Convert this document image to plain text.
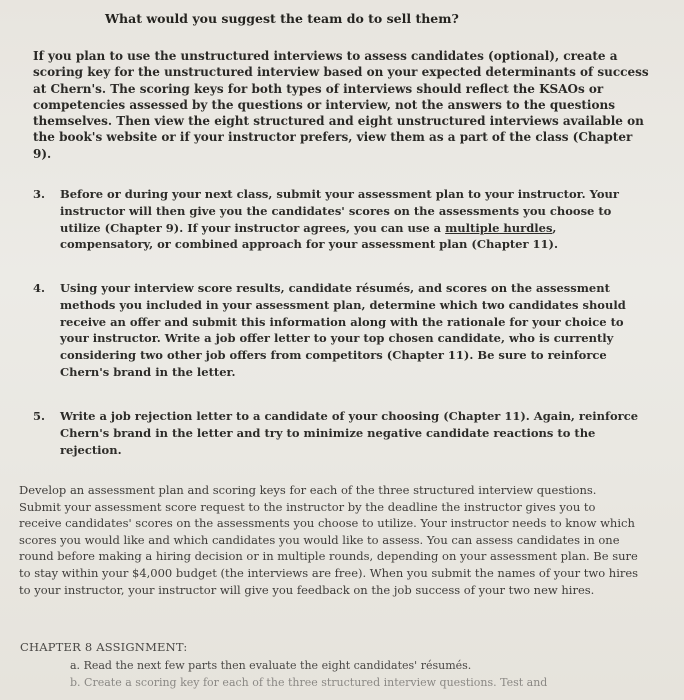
What would you suggest the team do to sell them?
If you plan to use the unstructured interviews to assess candidates (optional), create a scoring key for the unstructured interview based on your expected determinants of success at Chern's. The scoring keys for both types of interviews should reflect the KSAOs or competencies assessed by the questions or interview, not the answers to the questions themselves. Then view the eight structured and eight unstructured interviews available on the book's website or if your instructor prefers, view them as a part of the class (Chapter 9).
3. Before or during your next class, submit your assessment plan to your instructor. Your instructor will then give you the candidates' scores on the assessments you choose to utilize (Chapter 9). If your instructor agrees, you can use a multiple hurdles, compensatory, or combined approach for your assessment plan (Chapter 11).
4. Using your interview score results, candidate résumés, and scores on the assessment methods you included in your assessment plan, determine which two candidates should receive an offer and submit this information along with the rationale for your choice to your instructor. Write a job offer letter to your top chosen candidate, who is currently considering two other job offers from competitors (Chapter 11). Be sure to reinforce Chern's brand in the letter.
5. Write a job rejection letter to a candidate of your choosing (Chapter 11). Again, reinforce Chern's brand in the letter and try to minimize negative candidate reactions to the rejection.
Develop an assessment plan and scoring keys for each of the three structured interview questions. Submit your assessment score request to the instructor by the deadline the instructor gives you to receive candidates' scores on the assessments you choose to utilize. Your instructor needs to know which scores you would like and which candidates you would like to assess. You can assess candidates in one round before making a hiring decision or in multiple rounds, depending on your assessment plan. Be sure to stay within your $4,000 budget (the interviews are free). When you submit the names of your two hires to your instructor, your instructor will give you feedback on the job success of your two new hires.
CHAPTER 8 ASSIGNMENT:
a. Read the next few parts then evaluate the eight candidates' résumés.
b. Create a scoring key for each of the three structured interview questions. Test and
